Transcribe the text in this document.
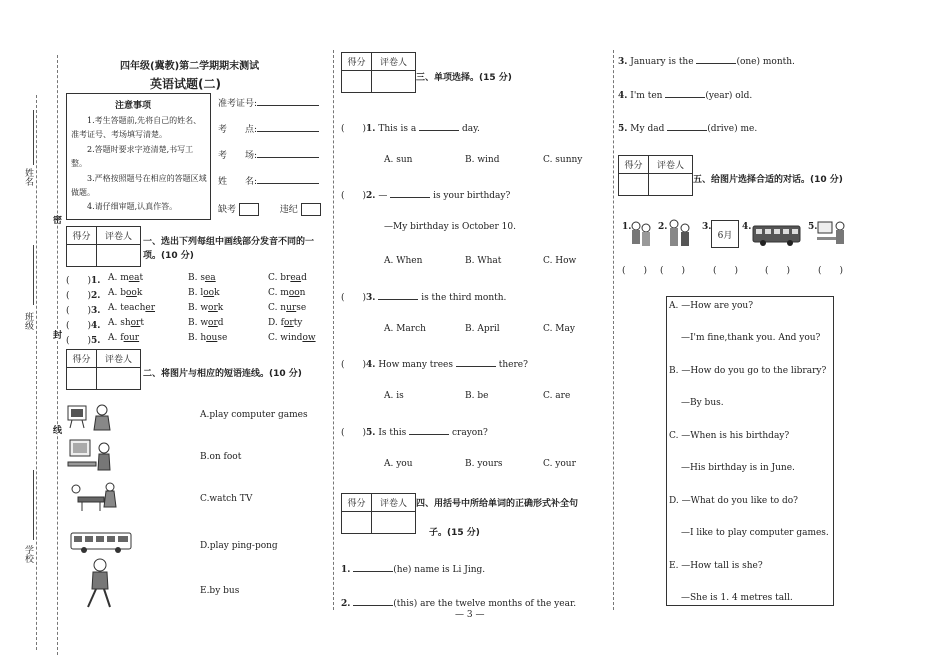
姓名
班级
学校
密
封
线
四年级(冀教)第二学期期末测试
英语试题(二)
注意事项
1.考生答题前,先将自己的姓名、准考证号、考场填写清楚。
2.答题时要求字迹清楚,书写工整。
3.严格按照题号在相应的答题区域做题。
4.请仔细审题,认真作答。
准考证号:
考　　点:
考　　场:
姓　　名:
缺考	违纪
得分	评卷人
	一、选出下列每组中画线部分发音不同的一项。(10 分)
(　　)1. A. meat	B. sea	C. bread
(　　)2. A. book	B. look	C. moon
(　　)3. A. teacher	B. work	C. nurse
(　　)4. A. short	B. word	D. forty
(　　)5. A. four	B. house	C. window
得分	评卷人

二、将图片与相应的短语连线。(10 分)
A.play computer games
B.on foot
C.watch TV
D.play ping-pong
E.by bus
得分	评卷人

三、单项选择。(15 分)
(　　)1. This is a	day.
A. sun	B. wind	C. sunny
(　　)2. —	is your birthday?
A. When	B. What	C. How
(　　)3.	is the third month.
A. March	B. April	C. May
(　　)4. How many trees	there?
A. is	B. be	C. are
(　　)5. Is this	crayon?
A. you	B. yours	C. your
—My birthday is October 10.
得分	评卷人
	四、用括号中所给单词的正确形式补全句
子。(15 分)
1.	(he) name is Li Jing.
2.	(this) are the twelve months of the year.
3. January is the	(one) month.
4. I'm ten	(year) old.
5. My dad	(drive) me.
得分	评卷人

五、给图片选择合适的对话。(10 分)
1.	2.	3.
6月
4.	5.
(　　) (　　)	(　　)	(　　)	(　　)
A. —How are you?
—I'm fine,thank you. And you?
B. —How do you go to the library?
—By bus.
C. —When is his birthday?
—His birthday is in June.
D. —What do you like to do?
—I like to play computer games.
E. —How tall is she?
—She is 1. 4 metres tall.
— 3 —
